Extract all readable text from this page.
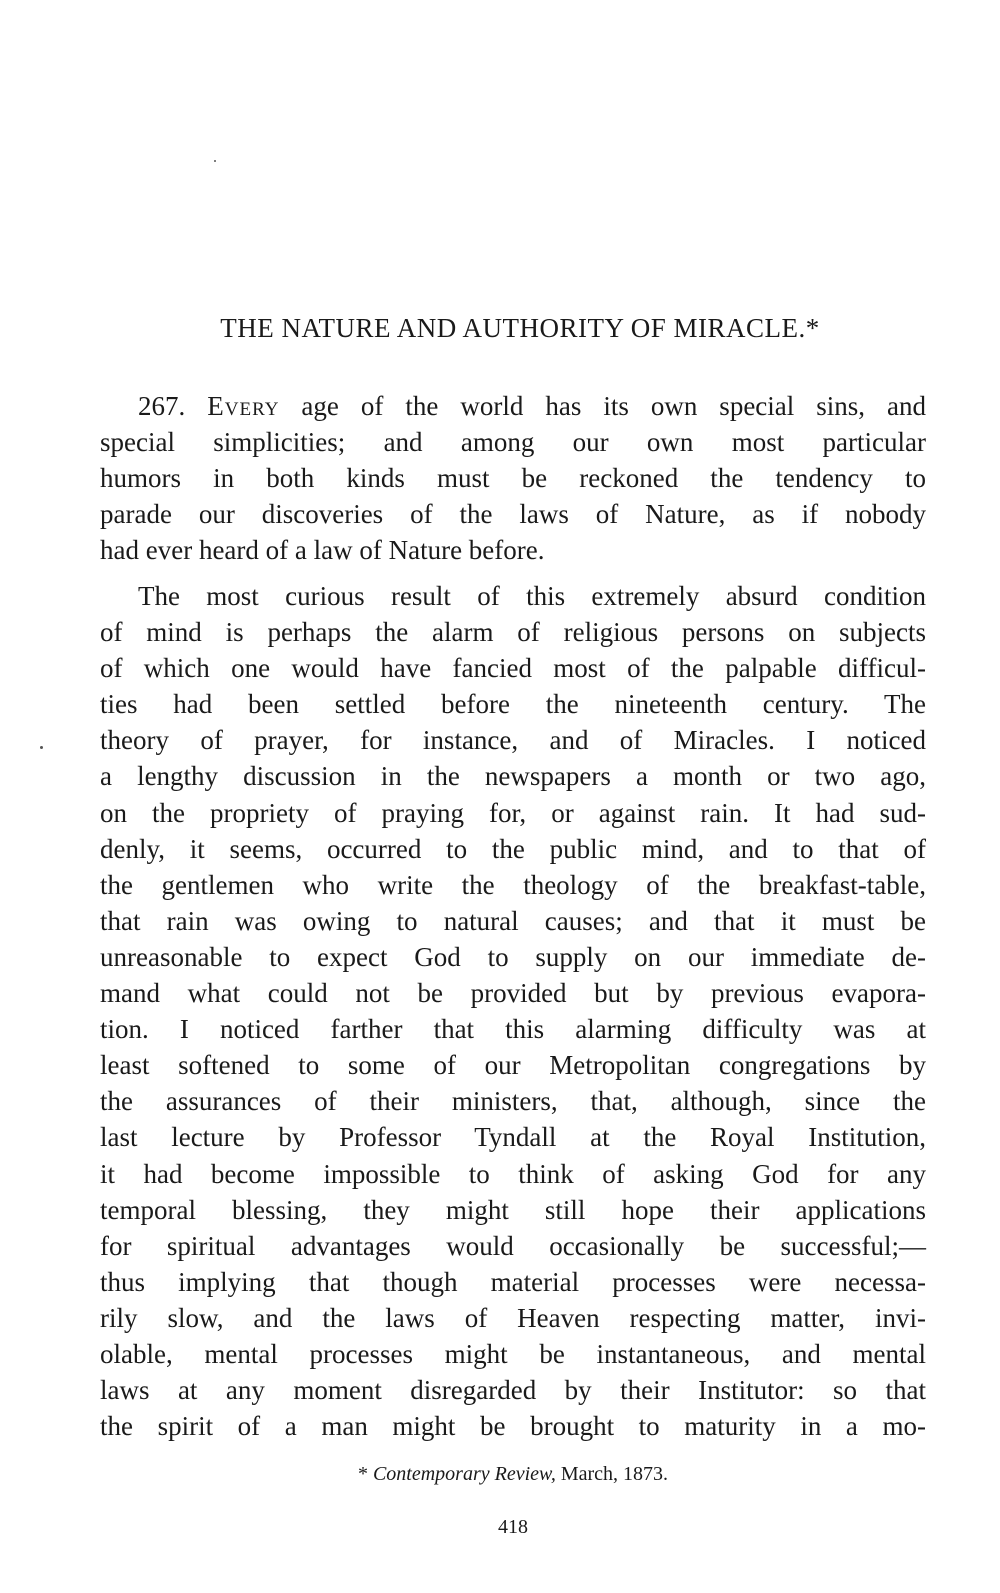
THE NATURE AND AUTHORITY OF MIRACLE.*
267. Every age of the world has its own special sins, and
special simplicities; and among our own most particular
humors in both kinds must be reckoned the tendency to
parade our discoveries of the laws of Nature, as if nobody
had ever heard of a law of Nature before.
The most curious result of this extremely absurd condition
of mind is perhaps the alarm of religious persons on subjects
of which one would have fancied most of the palpable difficul-
ties had been settled before the nineteenth century. The
theory of prayer, for instance, and of Miracles. I noticed
a lengthy discussion in the newspapers a month or two ago,
on the propriety of praying for, or against rain. It had sud-
denly, it seems, occurred to the public mind, and to that of
the gentlemen who write the theology of the breakfast-table,
that rain was owing to natural causes; and that it must be
unreasonable to expect God to supply on our immediate de-
mand what could not be provided but by previous evapora-
tion. I noticed farther that this alarming difficulty was at
least softened to some of our Metropolitan congregations by
the assurances of their ministers, that, although, since the
last lecture by Professor Tyndall at the Royal Institution,
it had become impossible to think of asking God for any
temporal blessing, they might still hope their applications
for spiritual advantages would occasionally be successful;—
thus implying that though material processes were necessa-
rily slow, and the laws of Heaven respecting matter, invi-
olable, mental processes might be instantaneous, and mental
laws at any moment disregarded by their Institutor: so that
the spirit of a man might be brought to maturity in a mo-
* Contemporary Review, March, 1873.
418
